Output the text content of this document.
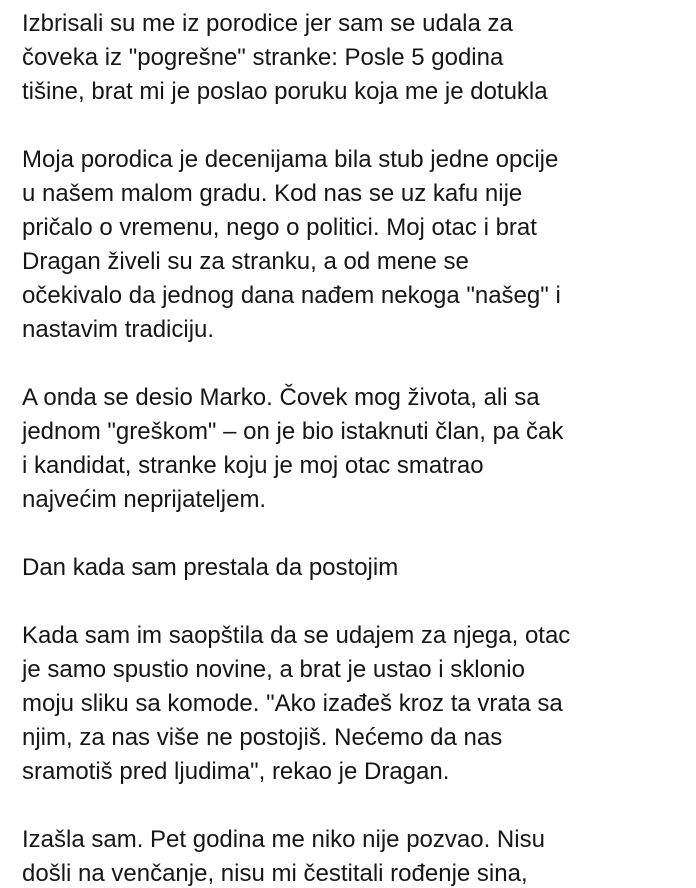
Izbrisali su me iz porodice jer sam se udala za
čoveka iz "pogrešne" stranke: Posle 5 godina
tišine, brat mi je poslao poruku koja me je dotukla
Moja porodica je decenijama bila stub jedne opcije
u našem malom gradu. Kod nas se uz kafu nije
pričalo o vremenu, nego o politici. Moj otac i brat
Dragan živeli su za stranku, a od mene se
očekivalo da jednog dana nađem nekoga "našeg" i
nastavim tradiciju.
A onda se desio Marko. Čovek mog života, ali sa
jednom "greškom" – on je bio istaknuti član, pa čak
i kandidat, stranke koju je moj otac smatrao
najvećim neprijateljem.
Dan kada sam prestala da postojim
Kada sam im saopštila da se udajem za njega, otac
je samo spustio novine, a brat je ustao i sklonio
moju sliku sa komode. "Ako izađeš kroz ta vrata sa
njim, za nas više ne postojiš. Nećemo da nas
sramotiš pred ljudima", rekao je Dragan.
Izašla sam. Pet godina me niko nije pozvao. Nisu
došli na venčanje, nisu mi čestitali rođenje sina,
